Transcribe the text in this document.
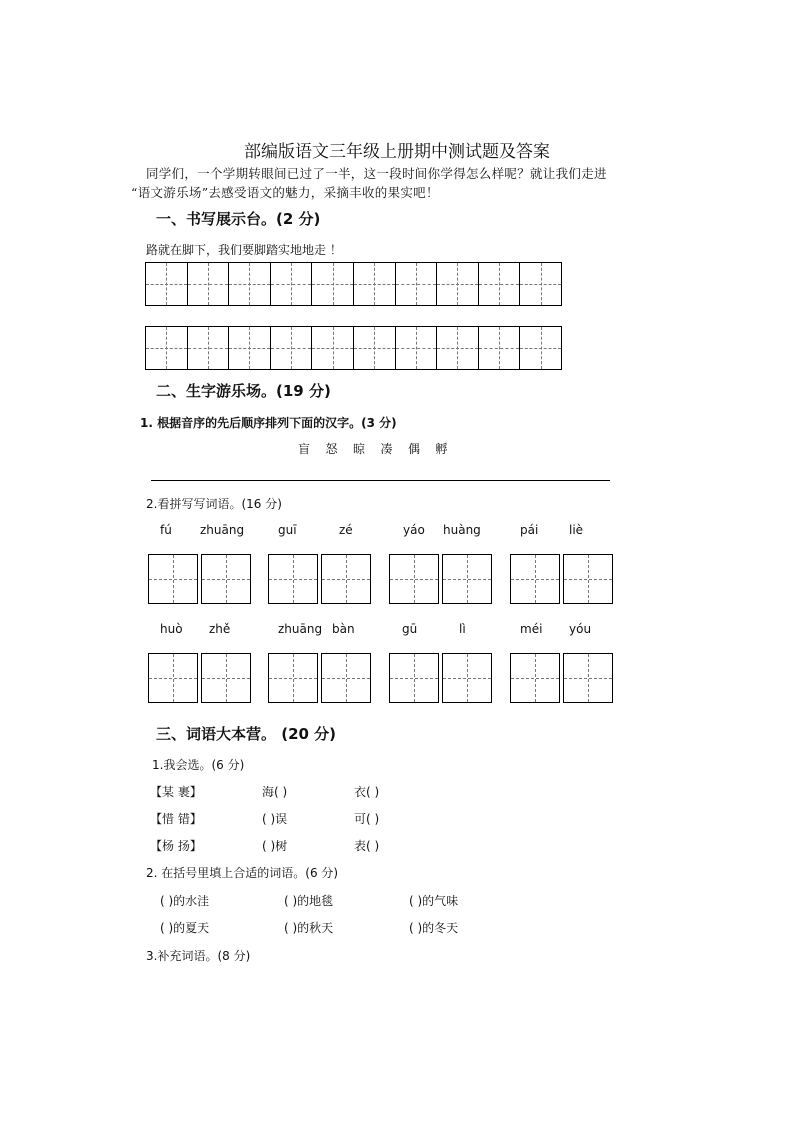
部编版语文三年级上册期中测试题及答案
同学们，一个学期转眼间已过了一半，这一段时间你学得怎么样呢？就让我们走进
“语文游乐场”去感受语文的魅力，采摘丰收的果实吧！
一、书写展示台。(2 分)
路就在脚下，我们要脚踏实地地走 ！
二、生字游乐场。(19 分)
1. 根据音序的先后顺序排列下面的汉字。(3 分)
盲 怒 晾 凑 偶 孵
2.看拼写写词语。(16 分)
fú zhuāng	guī	zé	yáo huàng	pái	liè
huò zhě	zhuāng bàn	gū	lì	méi yóu
三、词语大本营。 (20 分)
1.我会选。(6 分)
【某 裹】	海( )	衣( )
【惜 错】	( )误	可( )
【杨 扬】	( )树	表( )
2. 在括号里填上合适的词语。(6 分)
( )的水洼	( )的地毯	( )的气味
( )的夏天	( )的秋天	( )的冬天
3.补充词语。(8 分)
